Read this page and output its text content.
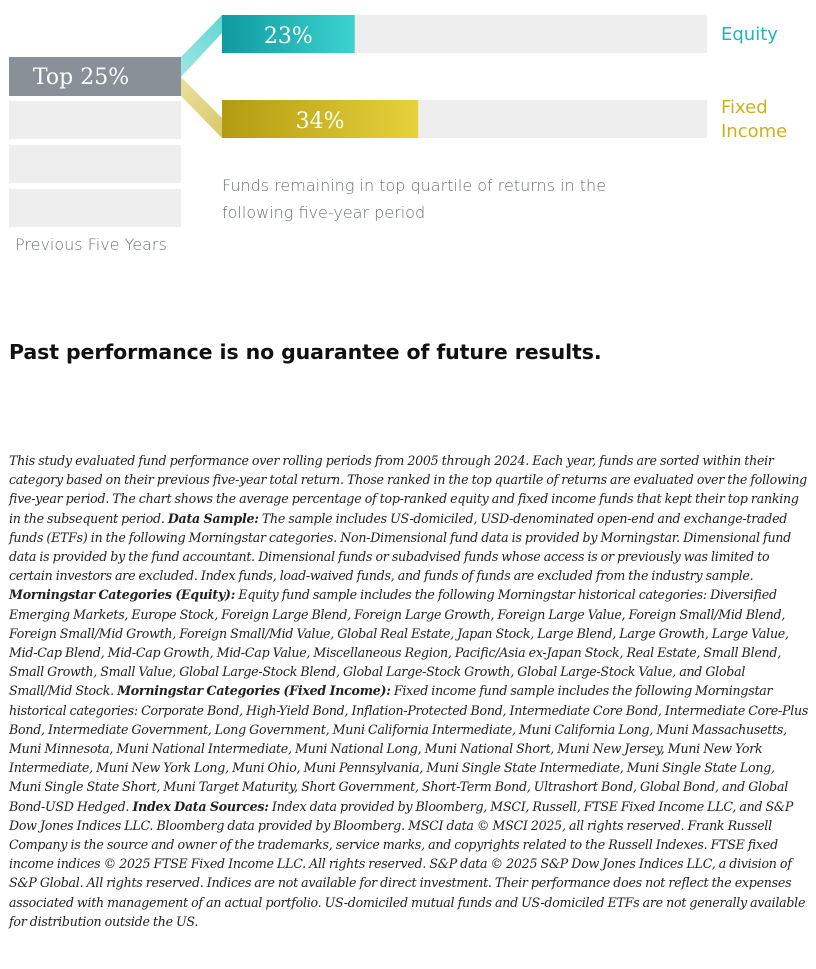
Top 25%
23%
34%
Equity
Fixed Income
Funds remaining in top quartile of returns in the following five-year period
Previous Five Years
Past performance is no guarantee of future results.

This study evaluated fund performance over rolling periods from 2005 through 2024. Each year, funds are sorted within their category based on their previous five-year total return. Those ranked in the top quartile of returns are evaluated over the following five-year period. The chart shows the average percentage of top-ranked equity and fixed income funds that kept their top ranking in the subsequent period. Data Sample: The sample includes US-domiciled, USD-denominated open-end and exchange-traded funds (ETFs) in the following Morningstar categories. Non-Dimensional fund data is provided by Morningstar. Dimensional fund data is provided by the fund accountant. Dimensional funds or subadvised funds whose access is or previously was limited to certain investors are excluded. Index funds, load-waived funds, and funds of funds are excluded from the industry sample. Morningstar Categories (Equity): Equity fund sample includes the following Morningstar historical categories: Diversified Emerging Markets, Europe Stock, Foreign Large Blend, Foreign Large Growth, Foreign Large Value, Foreign Small/Mid Blend, Foreign Small/Mid Growth, Foreign Small/Mid Value, Global Real Estate, Japan Stock, Large Blend, Large Growth, Large Value, Mid-Cap Blend, Mid-Cap Growth, Mid-Cap Value, Miscellaneous Region, Pacific/Asia ex-Japan Stock, Real Estate, Small Blend, Small Growth, Small Value, Global Large-Stock Blend, Global Large-Stock Growth, Global Large-Stock Value, and Global Small/Mid Stock. Morningstar Categories (Fixed Income): Fixed income fund sample includes the following Morningstar historical categories: Corporate Bond, High-Yield Bond, Inflation-Protected Bond, Intermediate Core Bond, Intermediate Core-Plus Bond, Intermediate Government, Long Government, Muni California Intermediate, Muni California Long, Muni Massachusetts, Muni Minnesota, Muni National Intermediate, Muni National Long, Muni National Short, Muni New Jersey, Muni New York Intermediate, Muni New York Long, Muni Ohio, Muni Pennsylvania, Muni Single State Intermediate, Muni Single State Long, Muni Single State Short, Muni Target Maturity, Short Government, Short-Term Bond, Ultrashort Bond, Global Bond, and Global Bond-USD Hedged. Index Data Sources: Index data provided by Bloomberg, MSCI, Russell, FTSE Fixed Income LLC, and S&P Dow Jones Indices LLC. Bloomberg data provided by Bloomberg. MSCI data © MSCI 2025, all rights reserved. Frank Russell Company is the source and owner of the trademarks, service marks, and copyrights related to the Russell Indexes. FTSE fixed income indices © 2025 FTSE Fixed Income LLC. All rights reserved. S&P data © 2025 S&P Dow Jones Indices LLC, a division of S&P Global. All rights reserved. Indices are not available for direct investment. Their performance does not reflect the expenses associated with management of an actual portfolio. US-domiciled mutual funds and US-domiciled ETFs are not generally available for distribution outside the US.
